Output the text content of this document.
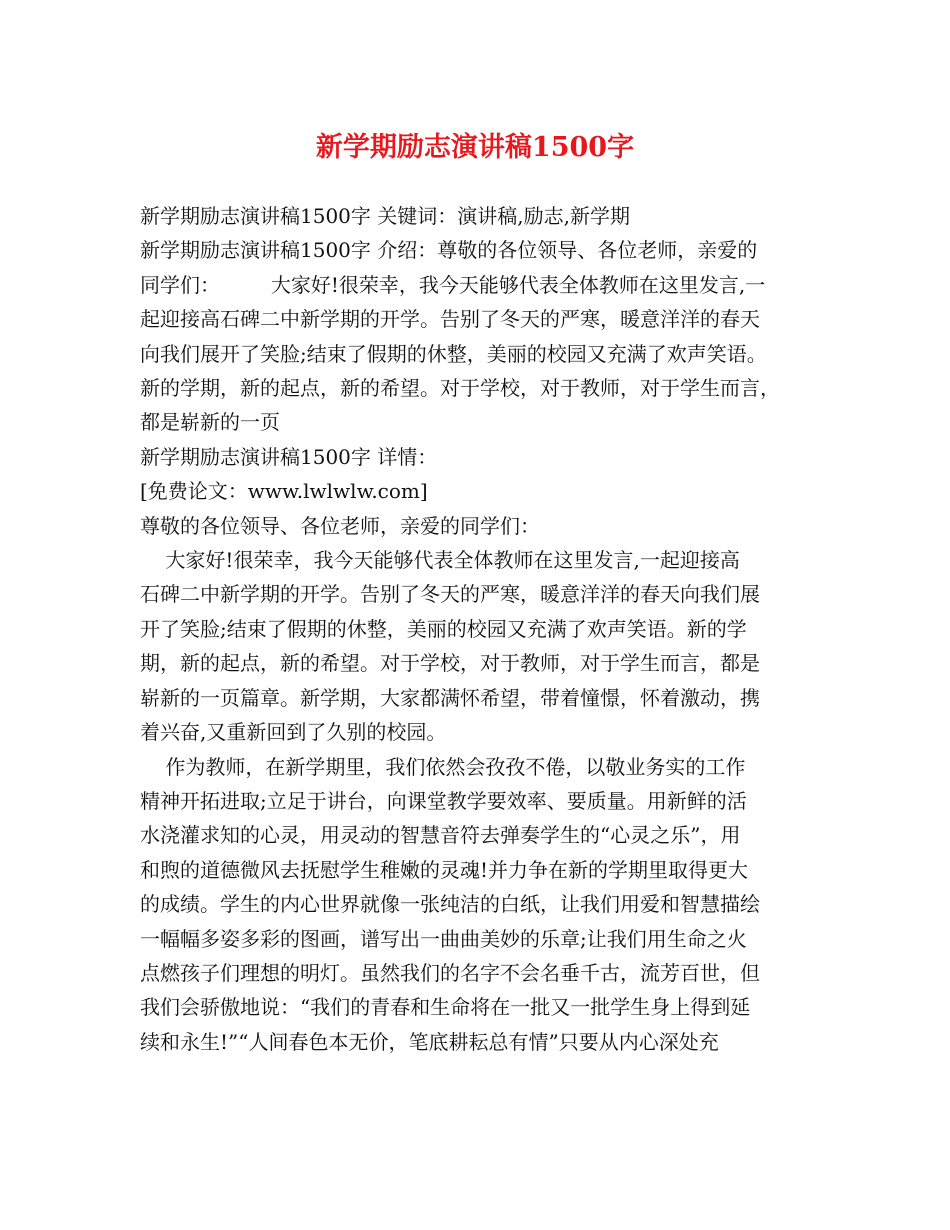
新学期励志演讲稿1500字
新学期励志演讲稿1500字 关键词：演讲稿,励志,新学期
新学期励志演讲稿1500字 介绍：尊敬的各位领导、各位老师，亲爱的
同学们：        大家好!很荣幸，我今天能够代表全体教师在这里发言,一
起迎接高石碑二中新学期的开学。告别了冬天的严寒，暖意洋洋的春天
向我们展开了笑脸;结束了假期的休整，美丽的校园又充满了欢声笑语。
新的学期，新的起点，新的希望。对于学校，对于教师，对于学生而言，
都是崭新的一页
新学期励志演讲稿1500字 详情：
[免费论文：www.lwlwlw.com]
尊敬的各位领导、各位老师，亲爱的同学们：
大家好!很荣幸，我今天能够代表全体教师在这里发言,一起迎接高
石碑二中新学期的开学。告别了冬天的严寒，暖意洋洋的春天向我们展
开了笑脸;结束了假期的休整，美丽的校园又充满了欢声笑语。新的学
期，新的起点，新的希望。对于学校，对于教师，对于学生而言，都是
崭新的一页篇章。新学期，大家都满怀希望，带着憧憬，怀着激动，携
着兴奋,又重新回到了久别的校园。
作为教师，在新学期里，我们依然会孜孜不倦，以敬业务实的工作
精神开拓进取;立足于讲台，向课堂教学要效率、要质量。用新鲜的活
水浇灌求知的心灵，用灵动的智慧音符去弹奏学生的“心灵之乐”，用
和煦的道德微风去抚慰学生稚嫩的灵魂!并力争在新的学期里取得更大
的成绩。学生的内心世界就像一张纯洁的白纸，让我们用爱和智慧描绘
一幅幅多姿多彩的图画，谱写出一曲曲美妙的乐章;让我们用生命之火
点燃孩子们理想的明灯。虽然我们的名字不会名垂千古，流芳百世，但
我们会骄傲地说：“我们的青春和生命将在一批又一批学生身上得到延
续和永生!”“人间春色本无价，笔底耕耘总有情”只要从内心深处充
